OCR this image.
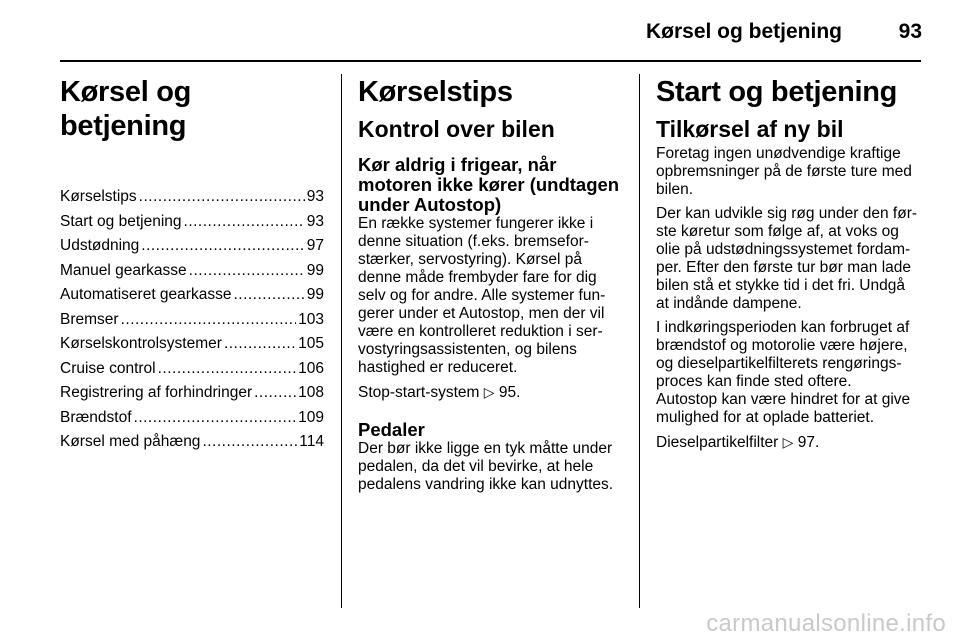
Kørsel og betjening	93
Kørsel og betjening
Kørselstips .....	93
Start og betjening .....	93
Udstødning .....	97
Manuel gearkasse .....	99
Automatiseret gearkasse .....	99
Bremser .....	103
Kørselskontrolsystemer .....	105
Cruise control .....	106
Registrering af forhindringer .....	108
Brændstof .....	109
Kørsel med påhæng .....	114
Kørselstips
Kontrol over bilen
Kør aldrig i frigear, når motoren ikke kører (undtagen under Autostop)

En række systemer fungerer ikke i denne situation (f.eks. bremseforstærker, servostyring). Kørsel på denne måde frembyder fare for dig selv og for andre. Alle systemer fungerer under et Autostop, men der vil være en kontrolleret reduktion i servostyringsassistenten, og bilens hastighed er reduceret.

Stop-start-system ▷ 95.

Pedaler

Der bør ikke ligge en tyk måtte under pedalen, da det vil bevirke, at hele pedalens vandring ikke kan udnyttes.

Start og betjening
Tilkørsel af ny bil

Foretag ingen unødvendige kraftige opbremsninger på de første ture med bilen.

Der kan udvikle sig røg under den første køretur som følge af, at voks og olie på udstødningssystemet fordamper. Efter den første tur bør man lade bilen stå et stykke tid i det fri. Undgå at indånde dampene.

I indkøringsperioden kan forbruget af brændstof og motorolie være højere, og dieselpartikelfilterets rengøringsproces kan finde sted oftere.

Autostop kan være hindret for at give mulighed for at oplade batteriet.

Dieselpartikelfilter ▷ 97.

carmanualsonline.info
